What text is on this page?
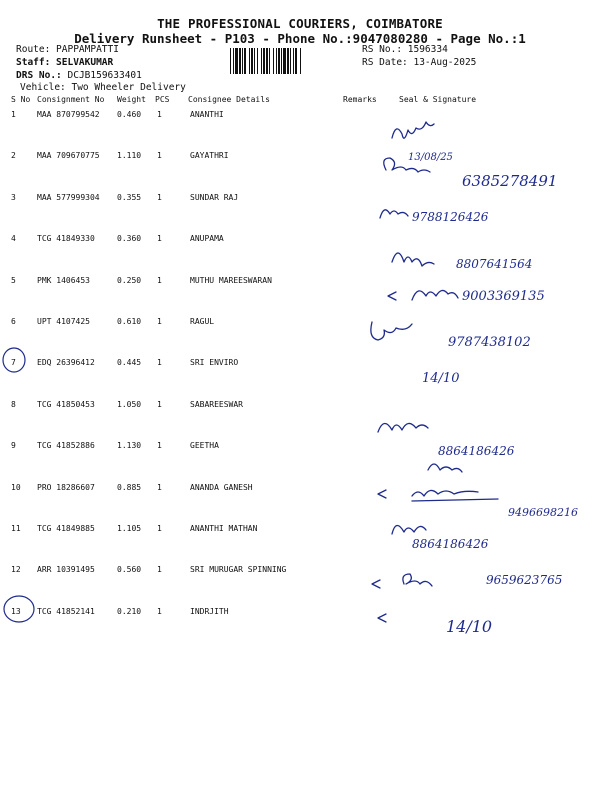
THE PROFESSIONAL COURIERS, COIMBATORE
Delivery Runsheet - P103 - Phone No.:9047080280 - Page No.:1
Route: PAPPAMPATTI
Staff: SELVAKUMAR
DRS No.: DCJB159633401
Vehicle: Two Wheeler Delivery
RS No.: 1596334
RS Date: 13-Aug-2025
S No Consignment No Weight PCS Consignee Details	Remarks	Seal & Signature
1	MAA 870799542 0.460 1	ANANTHI
2	MAA 709670775 1.110 1	GAYATHRI
3	MAA 577999304 0.355 1	SUNDAR RAJ
4	TCG 41849330	0.360 1	ANUPAMA
5	PMK 1406453	0.250 1	MUTHU MAREESWARAN
6	UPT 4107425	0.610 1	RAGUL
7	EDQ 26396412	0.445 1	SRI ENVIRO
8	TCG 41850453	1.050 1	SABAREESWAR
9	TCG 41852886	1.130 1	GEETHA
10 PRO 18286607	0.885 1	ANANDA GANESH
11 TCG 41849885	1.105 1	ANANTHI MATHAN
12 ARR 10391495	0.560 1	SRI MURUGAR SPINNING
13 TCG 41852141	0.210 1	INDRJITH
13/08/25
6385278491
9788126426
8807641564
9003369135
9787438102
14/10
8864186426
9496698216
8864186426
9659623765
14/10
